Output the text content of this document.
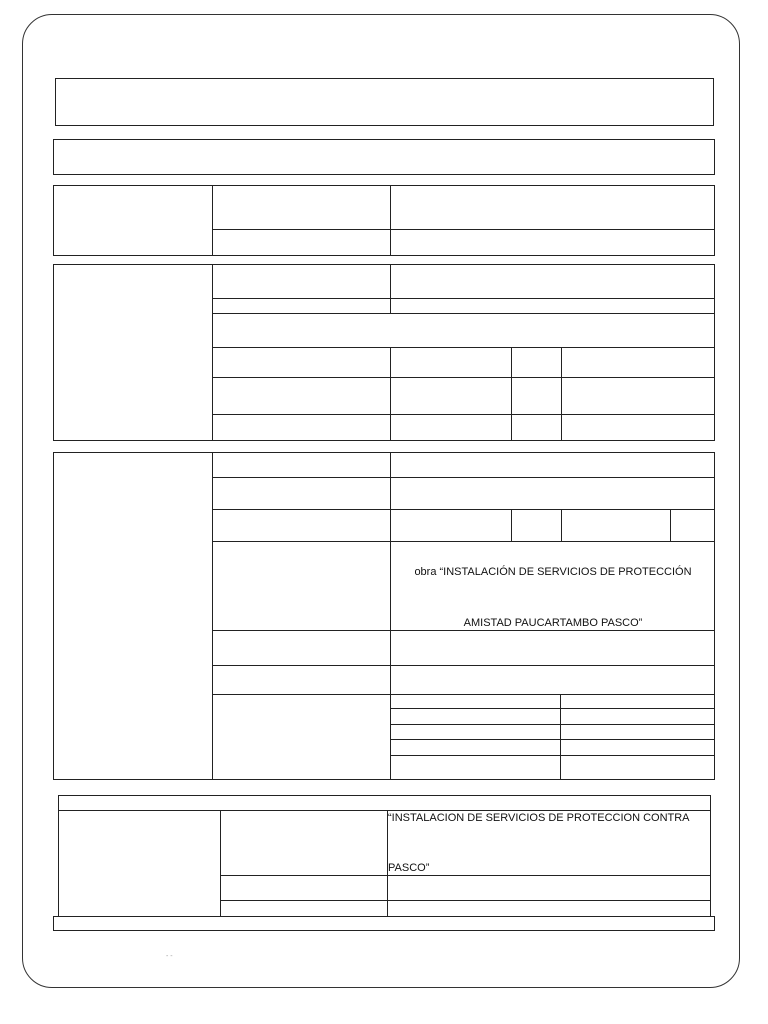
obra “INSTALACIÓN DE SERVICIOS DE PROTECCIÓN
AMISTAD PAUCARTAMBO PASCO”
“INSTALACION DE SERVICIOS DE PROTECCION CONTRA
PASCO”
- -
